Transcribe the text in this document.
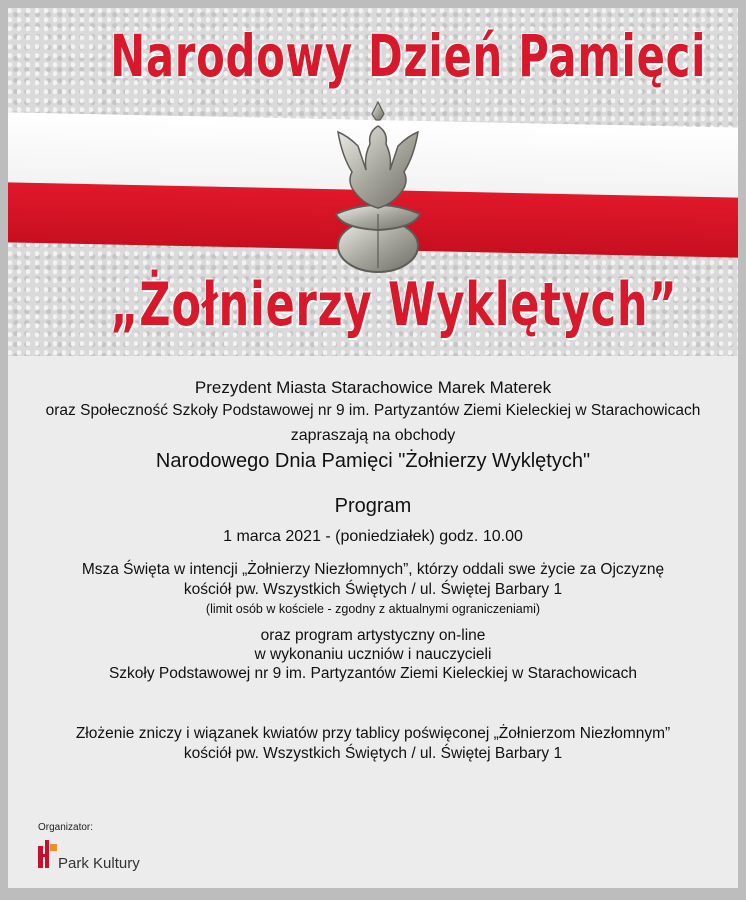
Narodowy Dzień Pamięci
„Żołnierzy Wyklętych”
Prezydent Miasta Starachowice Marek Materek
oraz Społeczność Szkoły Podstawowej nr 9 im. Partyzantów Ziemi Kieleckiej w Starachowicach
zapraszają na obchody
Narodowego Dnia Pamięci "Żołnierzy Wyklętych"
Program
1 marca 2021 - (poniedziałek) godz. 10.00
Msza Święta w intencji „Żołnierzy Niezłomnych”, którzy oddali swe życie za Ojczyznę
kościół pw. Wszystkich Świętych / ul. Świętej Barbary 1
(limit osób w kościele - zgodny z aktualnymi ograniczeniami)
oraz program artystyczny on-line
w wykonaniu uczniów i nauczycieli
Szkoły Podstawowej nr 9 im. Partyzantów Ziemi Kieleckiej w Starachowicach
Złożenie zniczy i wiązanek kwiatów przy tablicy poświęconej „Żołnierzom Niezłomnym”
kościół pw. Wszystkich Świętych / ul. Świętej Barbary 1
Organizator:
Park Kultury
